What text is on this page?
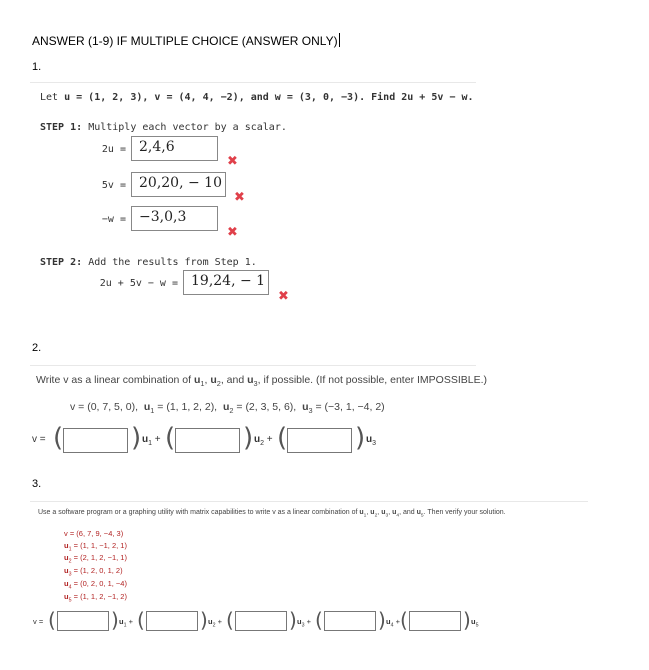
ANSWER (1-9) IF MULTIPLE CHOICE (ANSWER ONLY)
1.
Let u = (1, 2, 3), v = (4, 4, −2), and w = (3, 0, −3). Find 2u + 5v − w.
STEP 1: Multiply each vector by a scalar.
2u = 2,4,6
✖
5v = 20,20, − 10
✖
−w = −3,0,3
✖
STEP 2: Add the results from Step 1.
2u + 5v − w = 19,24, − 1
✖
2.
Write v as a linear combination of $u_1$, $u_2$, and $u_3$, if possible. (If not possible, enter IMPOSSIBLE.)
v = (0, 7, 5, 0), $u_1 = (1$, 1, 2, 2), $u_2 = (2$, 3, 5, 6), $u_3 = (-3$, 1, −4, 2)
v = (	) $u_1$ + (	) $u_2$ + (	) $u_3$
3.
Use a software program or a graphing utility with matrix capabilities to write v as a linear combination of $u_1$, $u_2$, $u_3$, $u_4$, and $u_5$. Then verify your solution.
v = (6, 7, 9, −4, 3)
$u_1 = (1$, 1, −1, 2, 1)
$u_2 = (2$, 1, 2, −1, 1)
$u_3 = (1$, 2, 0, 1, 2)
$u_4 = (0$, 2, 0, 1, −4)
$u_5 = (1$, 1, 2, −1, 2)
v = (	) $u_1$ + (	) $u_2$ + (	) $u_3$ + (	) $u_4$ + (	) $u_5$
